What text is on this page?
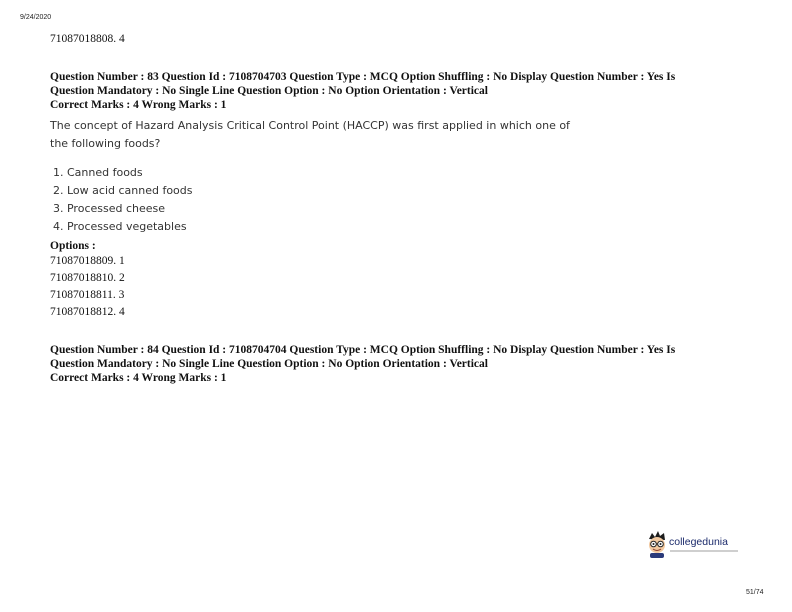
9/24/2020
71087018808. 4
Question Number : 83 Question Id : 7108704703 Question Type : MCQ Option Shuffling : No Display Question Number : Yes Is
Question Mandatory : No Single Line Question Option : No Option Orientation : Vertical
Correct Marks : 4 Wrong Marks : 1
The concept of Hazard Analysis Critical Control Point (HACCP) was first applied in which one of
the following foods?
1. Canned foods
2. Low acid canned foods
3. Processed cheese
4. Processed vegetables
Options :
71087018809. 1
71087018810. 2
71087018811. 3
71087018812. 4
Question Number : 84 Question Id : 7108704704 Question Type : MCQ Option Shuffling : No Display Question Number : Yes Is
Question Mandatory : No Single Line Question Option : No Option Orientation : Vertical
Correct Marks : 4 Wrong Marks : 1
collegedunia
51/74
